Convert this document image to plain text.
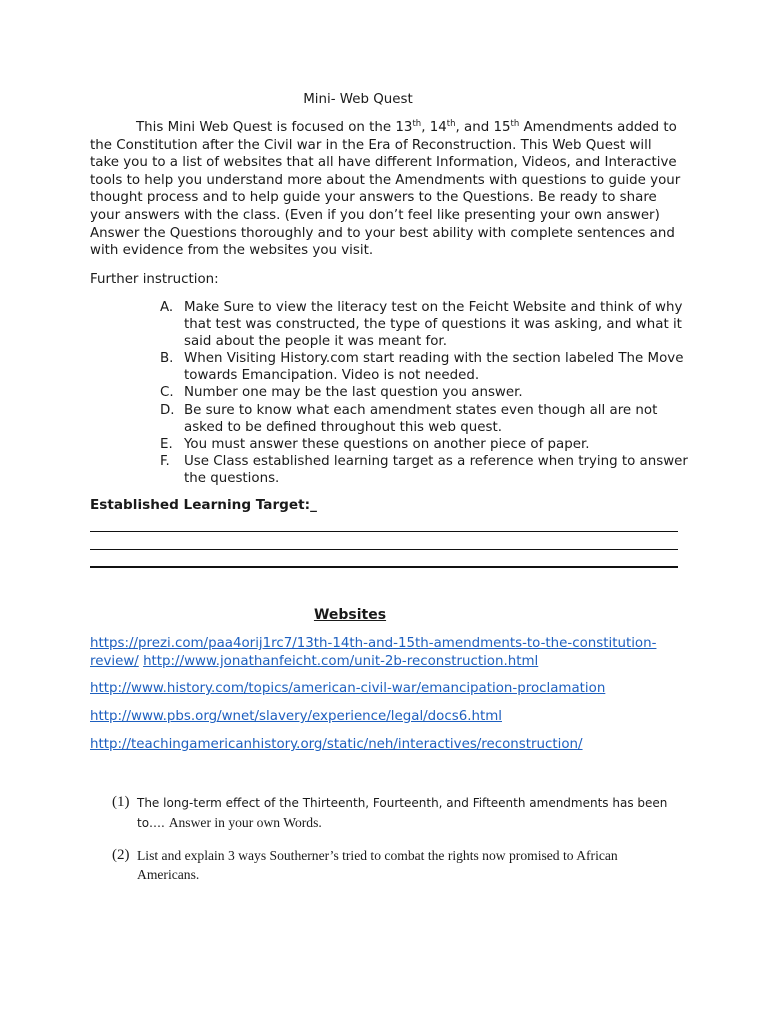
Mini- Web Quest
This Mini Web Quest is focused on the 13th, 14th, and 15th Amendments added to the Constitution after the Civil war in the Era of Reconstruction. This Web Quest will take you to a list of websites that all have different Information, Videos, and Interactive tools to help you understand more about the Amendments with questions to guide your thought process and to help guide your answers to the Questions. Be ready to share your answers with the class. (Even if you don’t feel like presenting your own answer) Answer the Questions thoroughly and to your best ability with complete sentences and with evidence from the websites you visit.
Further instruction:
A. Make Sure to view the literacy test on the Feicht Website and think of why that test was constructed, the type of questions it was asking, and what it said about the people it was meant for.
B. When Visiting History.com start reading with the section labeled The Move towards Emancipation. Video is not needed.
C. Number one may be the last question you answer.
D. Be sure to know what each amendment states even though all are not asked to be defined throughout this web quest.
E. You must answer these questions on another piece of paper.
F. Use Class established learning target as a reference when trying to answer the questions.
Established Learning Target:_
Websites
https://prezi.com/paa4orij1rc7/13th-14th-and-15th-amendments-to-the-constitution-review/ http://www.jonathanfeicht.com/unit-2b-reconstruction.html
http://www.history.com/topics/american-civil-war/emancipation-proclamation
http://www.pbs.org/wnet/slavery/experience/legal/docs6.html
http://teachingamericanhistory.org/static/neh/interactives/reconstruction/
(1) The long-term effect of the Thirteenth, Fourteenth, and Fifteenth amendments has been to…. Answer in your own Words.
(2) List and explain 3 ways Southerner’s tried to combat the rights now promised to African Americans.
